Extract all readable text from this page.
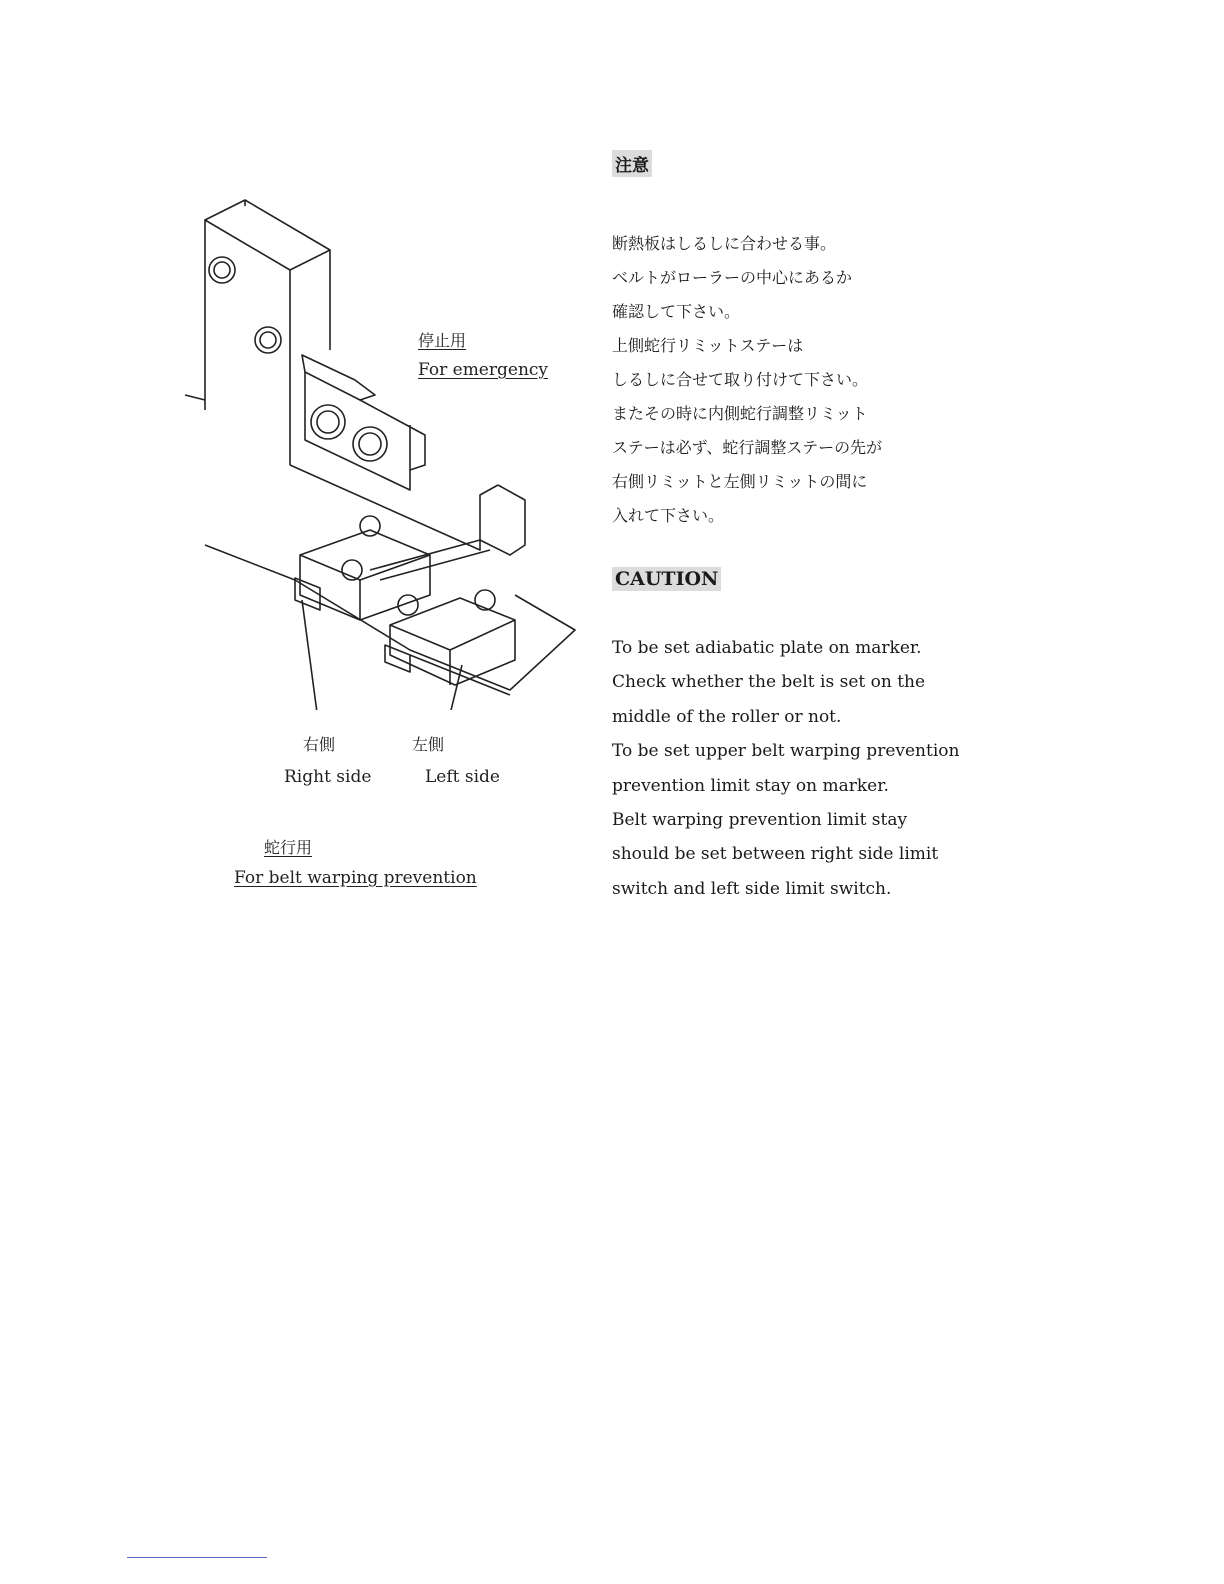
停止用
For emergency
右側
Right side
左側
Left side
蛇行用
For belt warping prevention
注意
断熱板はしるしに合わせる事。
ベルトがローラーの中心にあるか
確認して下さい。
上側蛇行リミットステーは
しるしに合せて取り付けて下さい。
またその時に内側蛇行調整リミット
ステーは必ず、蛇行調整ステーの先が
右側リミットと左側リミットの間に
入れて下さい。
CAUTION
To be set adiabatic plate on marker.
Check whether the belt is set on the
middle of the roller or not.
To be set upper belt warping prevention
prevention limit stay on marker.
Belt warping prevention limit stay
should be set between right side limit
switch and left side limit switch.
